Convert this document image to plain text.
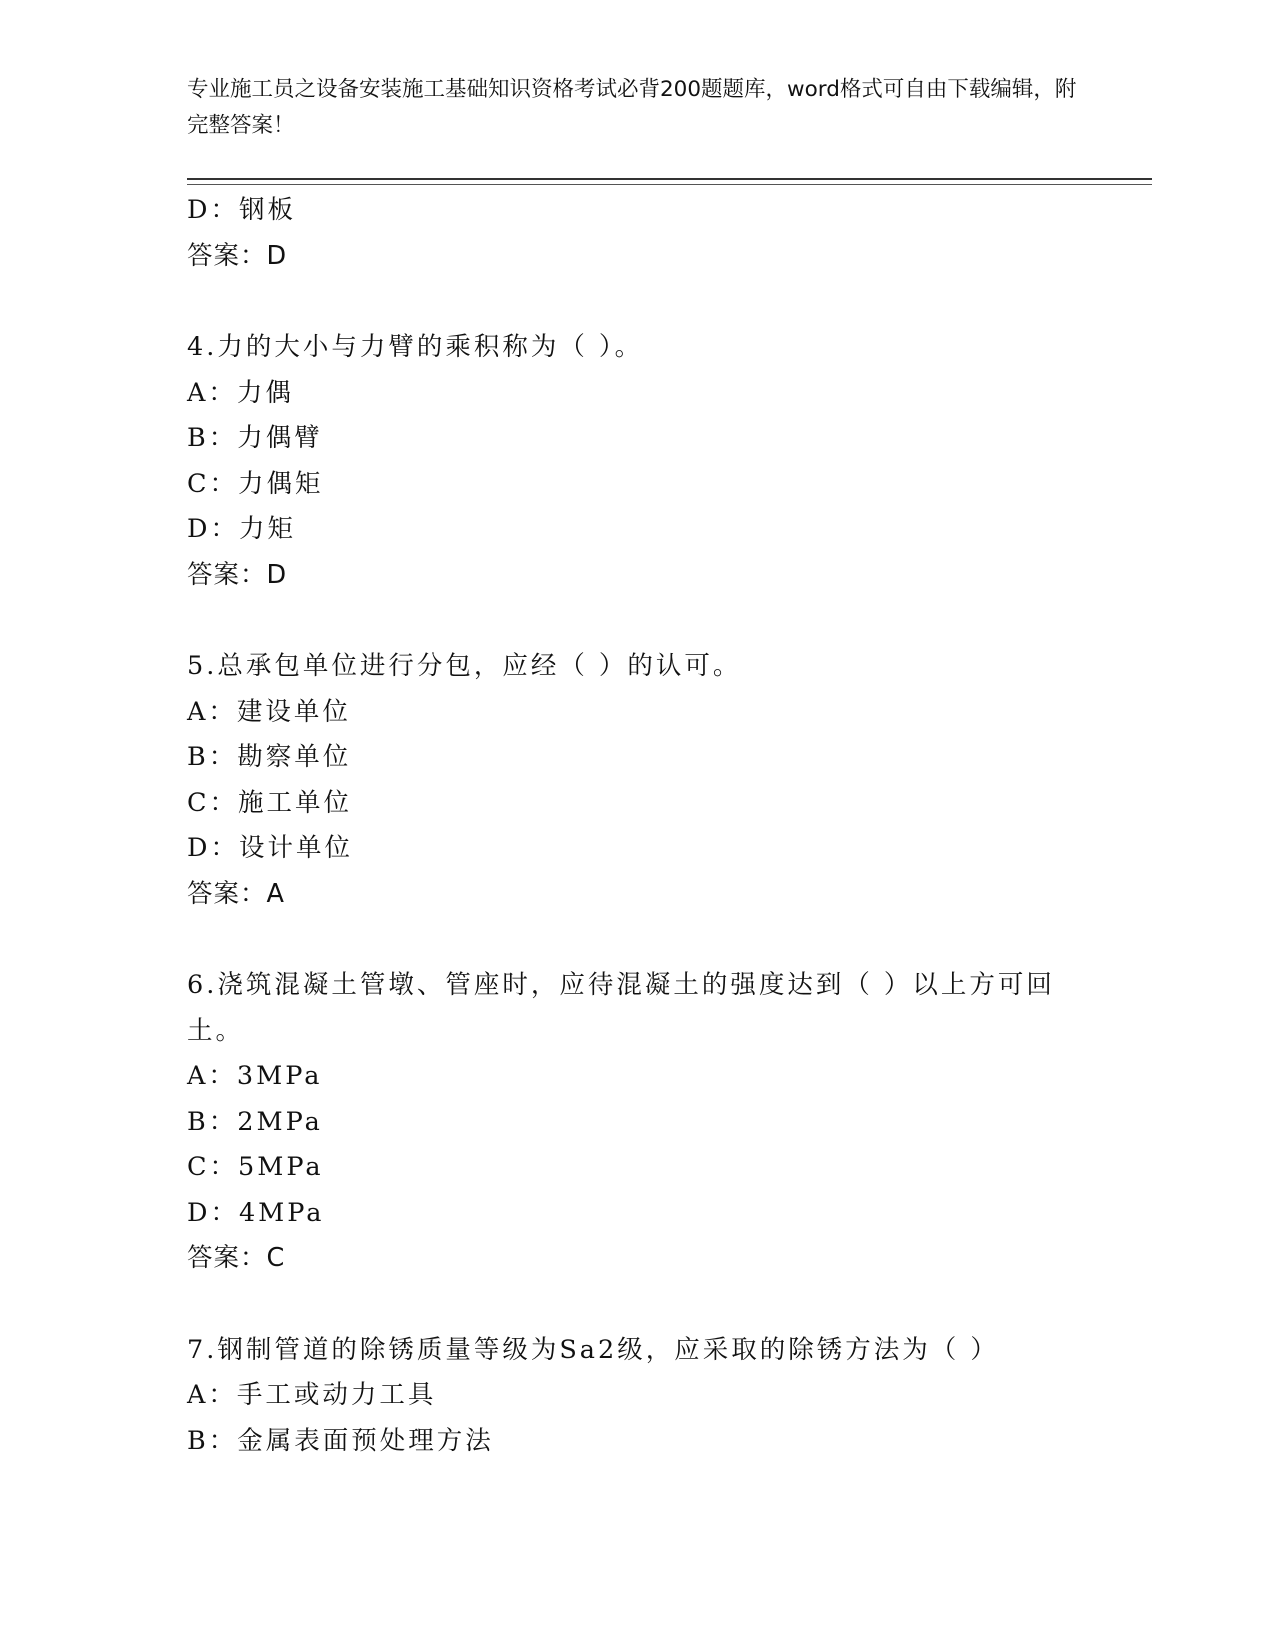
专业施工员之设备安装施工基础知识资格考试必背200题题库，word格式可自由下载编辑，附完整答案！
D：钢板
答案：D
4.力的大小与力臂的乘积称为（ ）。
A：力偶
B：力偶臂
C：力偶矩
D：力矩
答案：D
5.总承包单位进行分包，应经（ ）的认可。
A：建设单位
B：勘察单位
C：施工单位
D：设计单位
答案：A
6.浇筑混凝土管墩、管座时，应待混凝土的强度达到（ ）以上方可回土。
A：3MPa
B：2MPa
C：5MPa
D：4MPa
答案：C
7.钢制管道的除锈质量等级为Sa2级，应采取的除锈方法为（ ）
A：手工或动力工具
B：金属表面预处理方法
